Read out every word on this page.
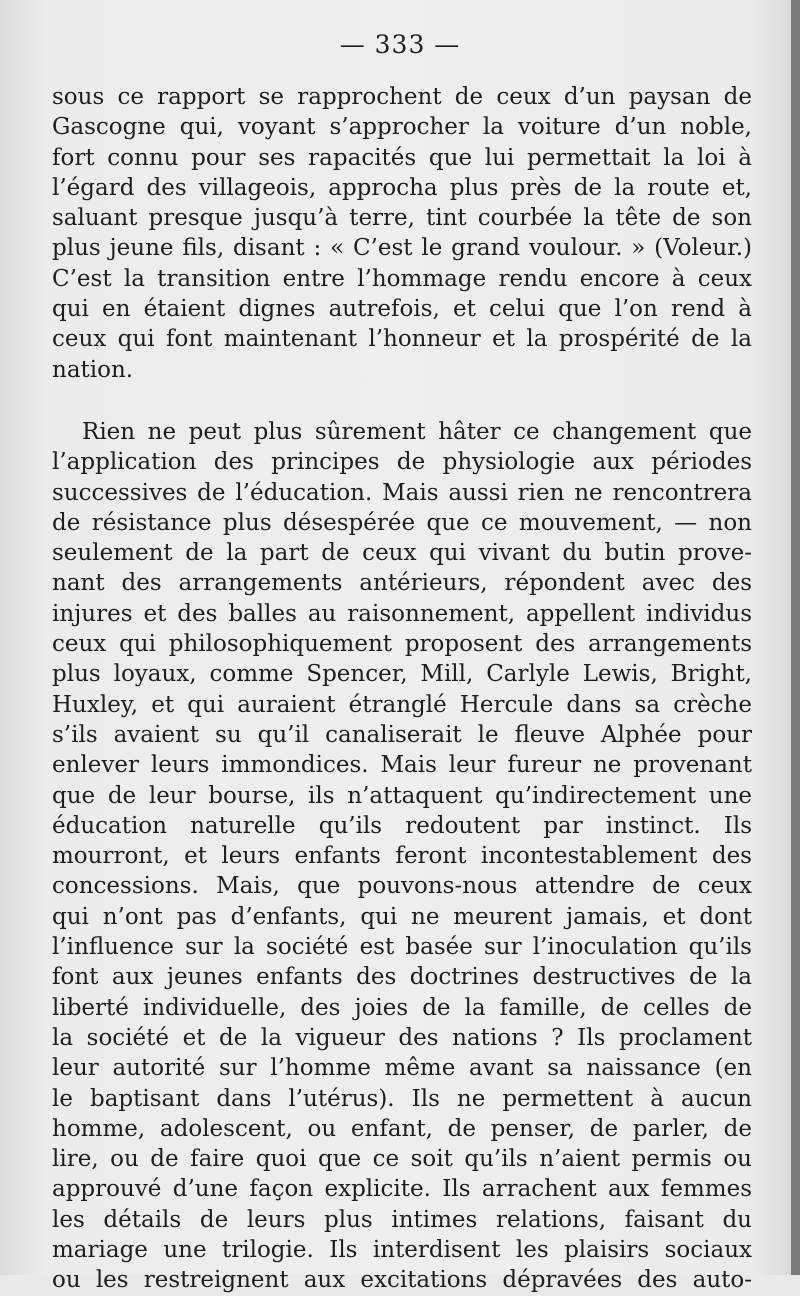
— 333 —
sous ce rapport se rapprochent de ceux d’un paysan de
Gascogne qui, voyant s’approcher la voiture d’un noble,
fort connu pour ses rapacités que lui permettait la loi à
l’égard des villageois, approcha plus près de la route et,
saluant presque jusqu’à terre, tint courbée la tête de son
plus jeune fils, disant : « C’est le grand voulour. » (Voleur.)
C’est la transition entre l’hommage rendu encore à ceux
qui en étaient dignes autrefois, et celui que l’on rend à
ceux qui font maintenant l’honneur et la prospérité de la
nation.
Rien ne peut plus sûrement hâter ce changement que
l’application des principes de physiologie aux périodes
successives de l’éducation. Mais aussi rien ne rencontrera
de résistance plus désespérée que ce mouvement, — non
seulement de la part de ceux qui vivant du butin prove-
nant des arrangements antérieurs, répondent avec des
injures et des balles au raisonnement, appellent individus
ceux qui philosophiquement proposent des arrangements
plus loyaux, comme Spencer, Mill, Carlyle Lewis, Bright,
Huxley, et qui auraient étranglé Hercule dans sa crèche
s’ils avaient su qu’il canaliserait le fleuve Alphée pour
enlever leurs immondices. Mais leur fureur ne provenant
que de leur bourse, ils n’attaquent qu’indirectement une
éducation naturelle qu’ils redoutent par instinct. Ils
mourront, et leurs enfants feront incontestablement des
concessions. Mais, que pouvons-nous attendre de ceux
qui n’ont pas d’enfants, qui ne meurent jamais, et dont
l’influence sur la société est basée sur l’inoculation qu’ils
font aux jeunes enfants des doctrines destructives de la
liberté individuelle, des joies de la famille, de celles de
la société et de la vigueur des nations ? Ils proclament
leur autorité sur l’homme même avant sa naissance (en
le baptisant dans l’utérus). Ils ne permettent à aucun
homme, adolescent, ou enfant, de penser, de parler, de
lire, ou de faire quoi que ce soit qu’ils n’aient permis ou
approuvé d’une façon explicite. Ils arrachent aux femmes
les détails de leurs plus intimes relations, faisant du
mariage une trilogie. Ils interdisent les plaisirs sociaux
ou les restreignent aux excitations dépravées des auto-
